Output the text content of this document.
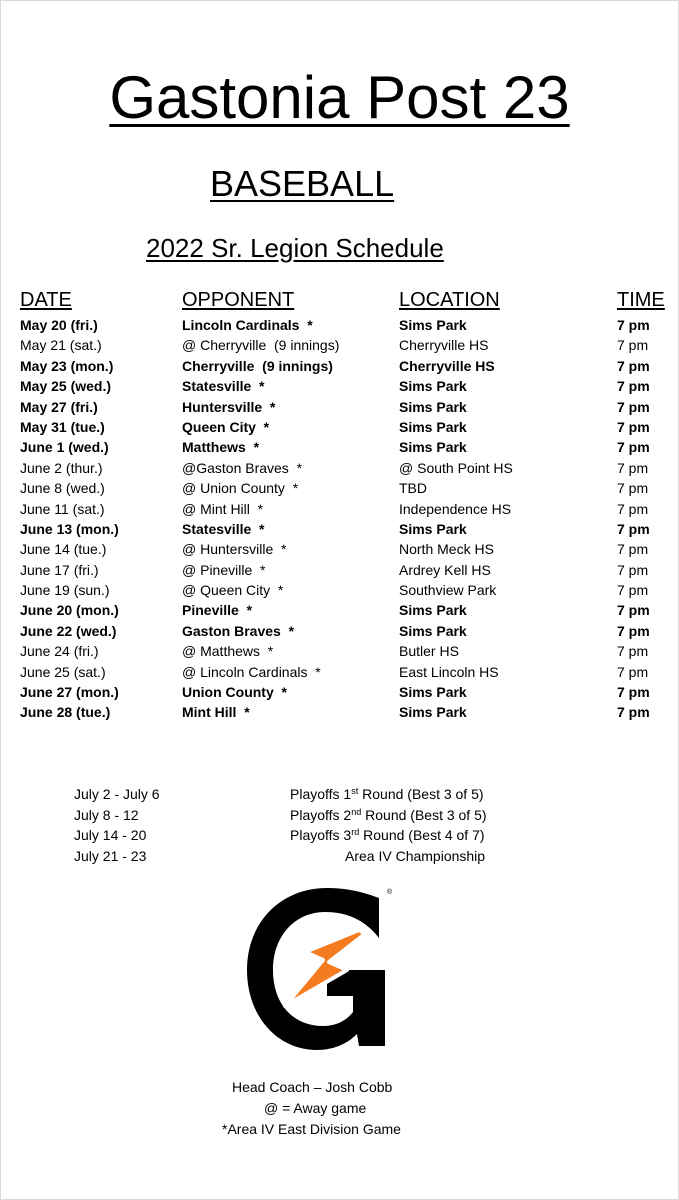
Gastonia Post 23
BASEBALL
2022 Sr. Legion Schedule
DATE	OPPONENT	LOCATION	TIME
May 20 (fri.)	Lincoln Cardinals  *	Sims Park	7 pm
May 21 (sat.)	@ Cherryville  (9 innings)	Cherryville HS	7 pm
May 23 (mon.)	Cherryville  (9 innings)	Cherryville HS	7 pm
May 25 (wed.)	Statesville  *	Sims Park	7 pm
May 27 (fri.)	Huntersville  *	Sims Park	7 pm
May 31 (tue.)	Queen City  *	Sims Park	7 pm
June 1 (wed.)	Matthews  *	Sims Park	7 pm
June 2 (thur.)	@Gaston Braves  *	@ South Point HS	7 pm
June 8 (wed.)	@ Union County  *	TBD	7 pm
June 11 (sat.)	@ Mint Hill  *	Independence HS	7 pm
June 13 (mon.)	Statesville  *	Sims Park	7 pm
June 14 (tue.)	@ Huntersville  *	North Meck HS	7 pm
June 17 (fri.)	@ Pineville  *	Ardrey Kell HS	7 pm
June 19 (sun.)	@ Queen City  *	Southview Park	7 pm
June 20 (mon.)	Pineville  *	Sims Park	7 pm
June 22 (wed.)	Gaston Braves  *	Sims Park	7 pm
June 24 (fri.)	@ Matthews  *	Butler HS	7 pm
June 25 (sat.)	@ Lincoln Cardinals  *	East Lincoln HS	7 pm
June 27 (mon.)	Union County  *	Sims Park	7 pm
June 28 (tue.)	Mint Hill  *	Sims Park	7 pm
July 2 - July 6	Playoffs 1st Round (Best 3 of 5)
July 8 - 12	Playoffs 2nd Round (Best 3 of 5)
July 14 - 20	Playoffs 3rd Round (Best 4 of 7)
July 21 - 23	Area IV Championship
®
Head Coach – Josh Cobb
@ = Away game
*Area IV East Division Game
